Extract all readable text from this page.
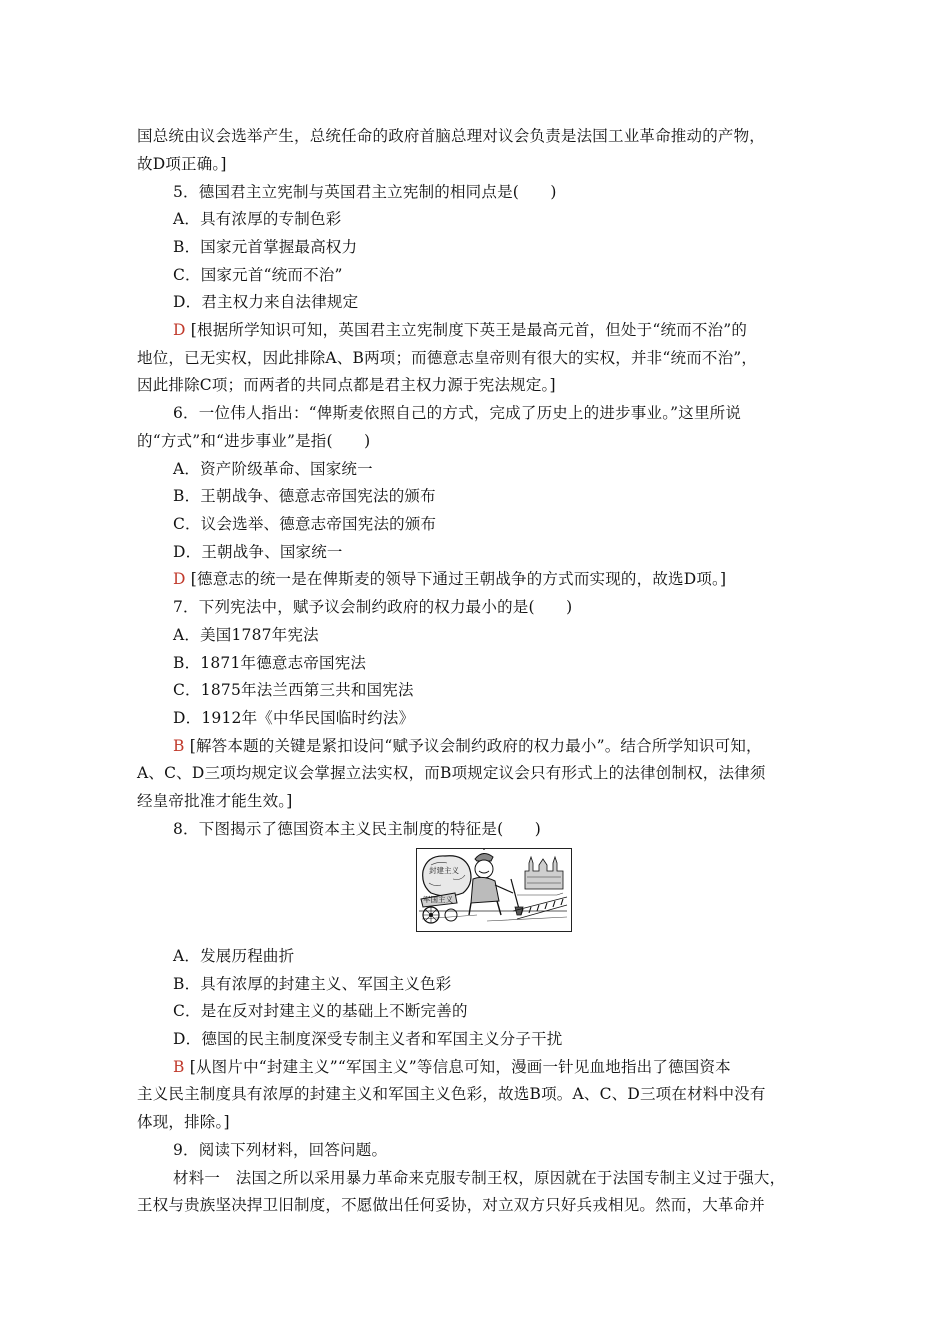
国总统由议会选举产生，总统任命的政府首脑总理对议会负责是法国工业革命推动的产物，
故D项正确。]
5．德国君主立宪制与英国君主立宪制的相同点是(　　)
A．具有浓厚的专制色彩
B．国家元首掌握最高权力
C．国家元首“统而不治”
D．君主权力来自法律规定
D [根据所学知识可知，英国君主立宪制度下英王是最高元首，但处于“统而不治”的
地位，已无实权，因此排除A、B两项；而德意志皇帝则有很大的实权，并非“统而不治”，
因此排除C项；而两者的共同点都是君主权力源于宪法规定。]
6．一位伟人指出：“俾斯麦依照自己的方式，完成了历史上的进步事业。”这里所说
的“方式”和“进步事业”是指(　　)
A．资产阶级革命、国家统一
B．王朝战争、德意志帝国宪法的颁布
C．议会选举、德意志帝国宪法的颁布
D．王朝战争、国家统一
D [德意志的统一是在俾斯麦的领导下通过王朝战争的方式而实现的，故选D项。]
7．下列宪法中，赋予议会制约政府的权力最小的是(　　)
A．美国1787年宪法
B．1871年德意志帝国宪法
C．1875年法兰西第三共和国宪法
D．1912年《中华民国临时约法》
B [解答本题的关键是紧扣设问“赋予议会制约政府的权力最小”。结合所学知识可知，
A、C、D三项均规定议会掌握立法实权，而B项规定议会只有形式上的法律创制权，法律须
经皇帝批准才能生效。]
8．下图揭示了德国资本主义民主制度的特征是(　　)
封建主义
军国主义
A．发展历程曲折
B．具有浓厚的封建主义、军国主义色彩
C．是在反对封建主义的基础上不断完善的
D．德国的民主制度深受专制主义者和军国主义分子干扰
B [从图片中“封建主义”“军国主义”等信息可知，漫画一针见血地指出了德国资本
主义民主制度具有浓厚的封建主义和军国主义色彩，故选B项。A、C、D三项在材料中没有
体现，排除。]
9．阅读下列材料，回答问题。
材料一　法国之所以采用暴力革命来克服专制王权，原因就在于法国专制主义过于强大，
王权与贵族坚决捍卫旧制度，不愿做出任何妥协，对立双方只好兵戎相见。然而，大革命并
